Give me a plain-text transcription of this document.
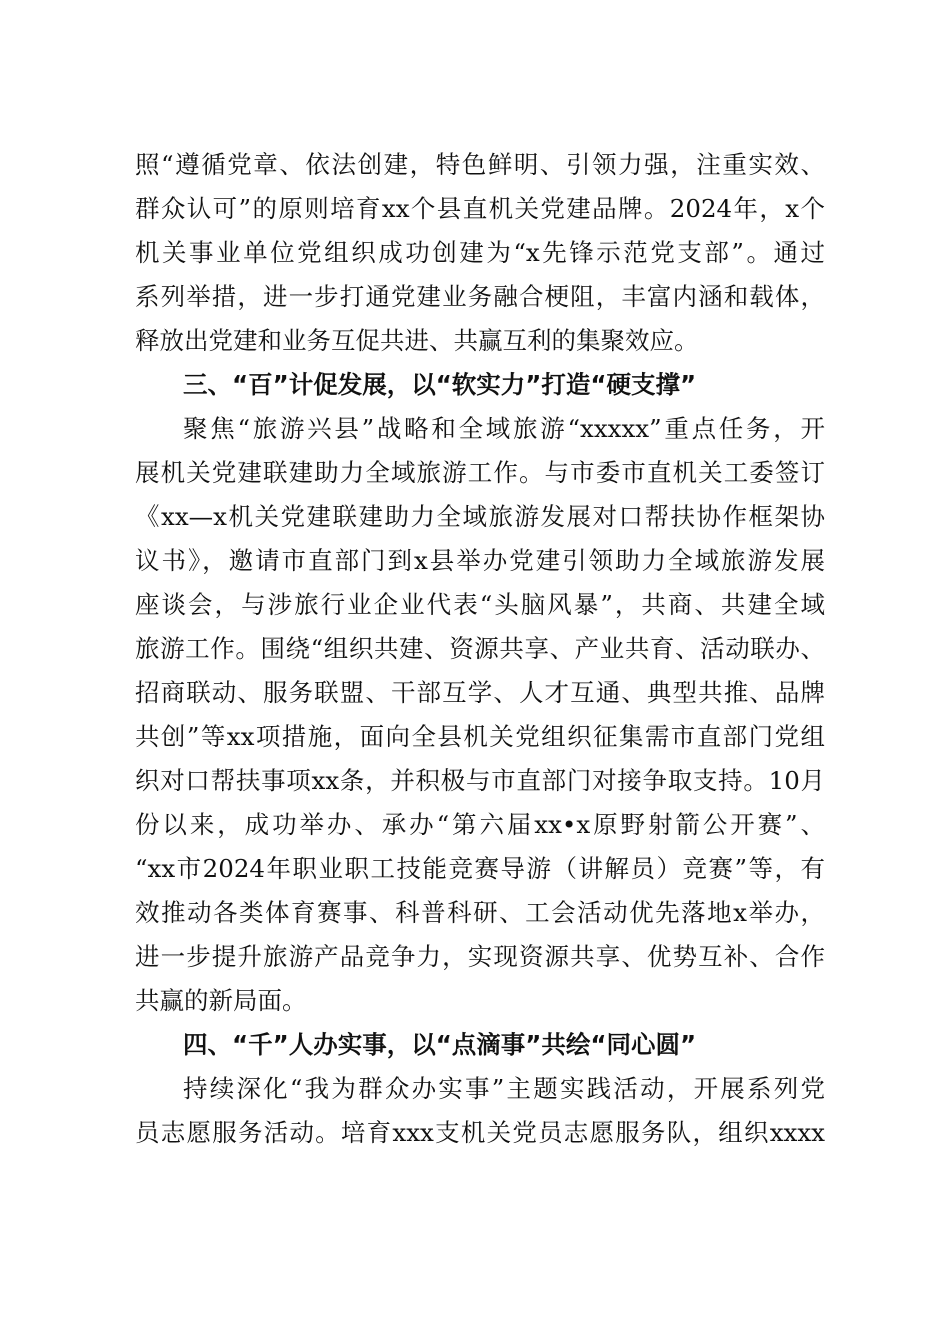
照“遵循党章、依法创建，特色鲜明、引领力强，注重实效、
群众认可”的原则培育xx个县直机关党建品牌。2024年，x个
机关事业单位党组织成功创建为“x先锋示范党支部”。通过
系列举措，进一步打通党建业务融合梗阻，丰富内涵和载体，
释放出党建和业务互促共进、共赢互利的集聚效应。
三、“百”计促发展，以“软实力”打造“硬支撑”
聚焦“旅游兴县”战略和全域旅游“xxxxx”重点任务，开
展机关党建联建助力全域旅游工作。与市委市直机关工委签订
《xx—x机关党建联建助力全域旅游发展对口帮扶协作框架协
议书》，邀请市直部门到x县举办党建引领助力全域旅游发展
座谈会，与涉旅行业企业代表“头脑风暴”，共商、共建全域
旅游工作。围绕“组织共建、资源共享、产业共育、活动联办、
招商联动、服务联盟、干部互学、人才互通、典型共推、品牌
共创”等xx项措施，面向全县机关党组织征集需市直部门党组
织对口帮扶事项xx条，并积极与市直部门对接争取支持。10月
份以来，成功举办、承办“第六届xx•x原野射箭公开赛”、
“xx市2024年职业职工技能竞赛导游（讲解员）竞赛”等，有
效推动各类体育赛事、科普科研、工会活动优先落地x举办，
进一步提升旅游产品竞争力，实现资源共享、优势互补、合作
共赢的新局面。
四、“千”人办实事，以“点滴事”共绘“同心圆”
持续深化“我为群众办实事”主题实践活动，开展系列党
员志愿服务活动。培育xxx支机关党员志愿服务队，组织xxxx
